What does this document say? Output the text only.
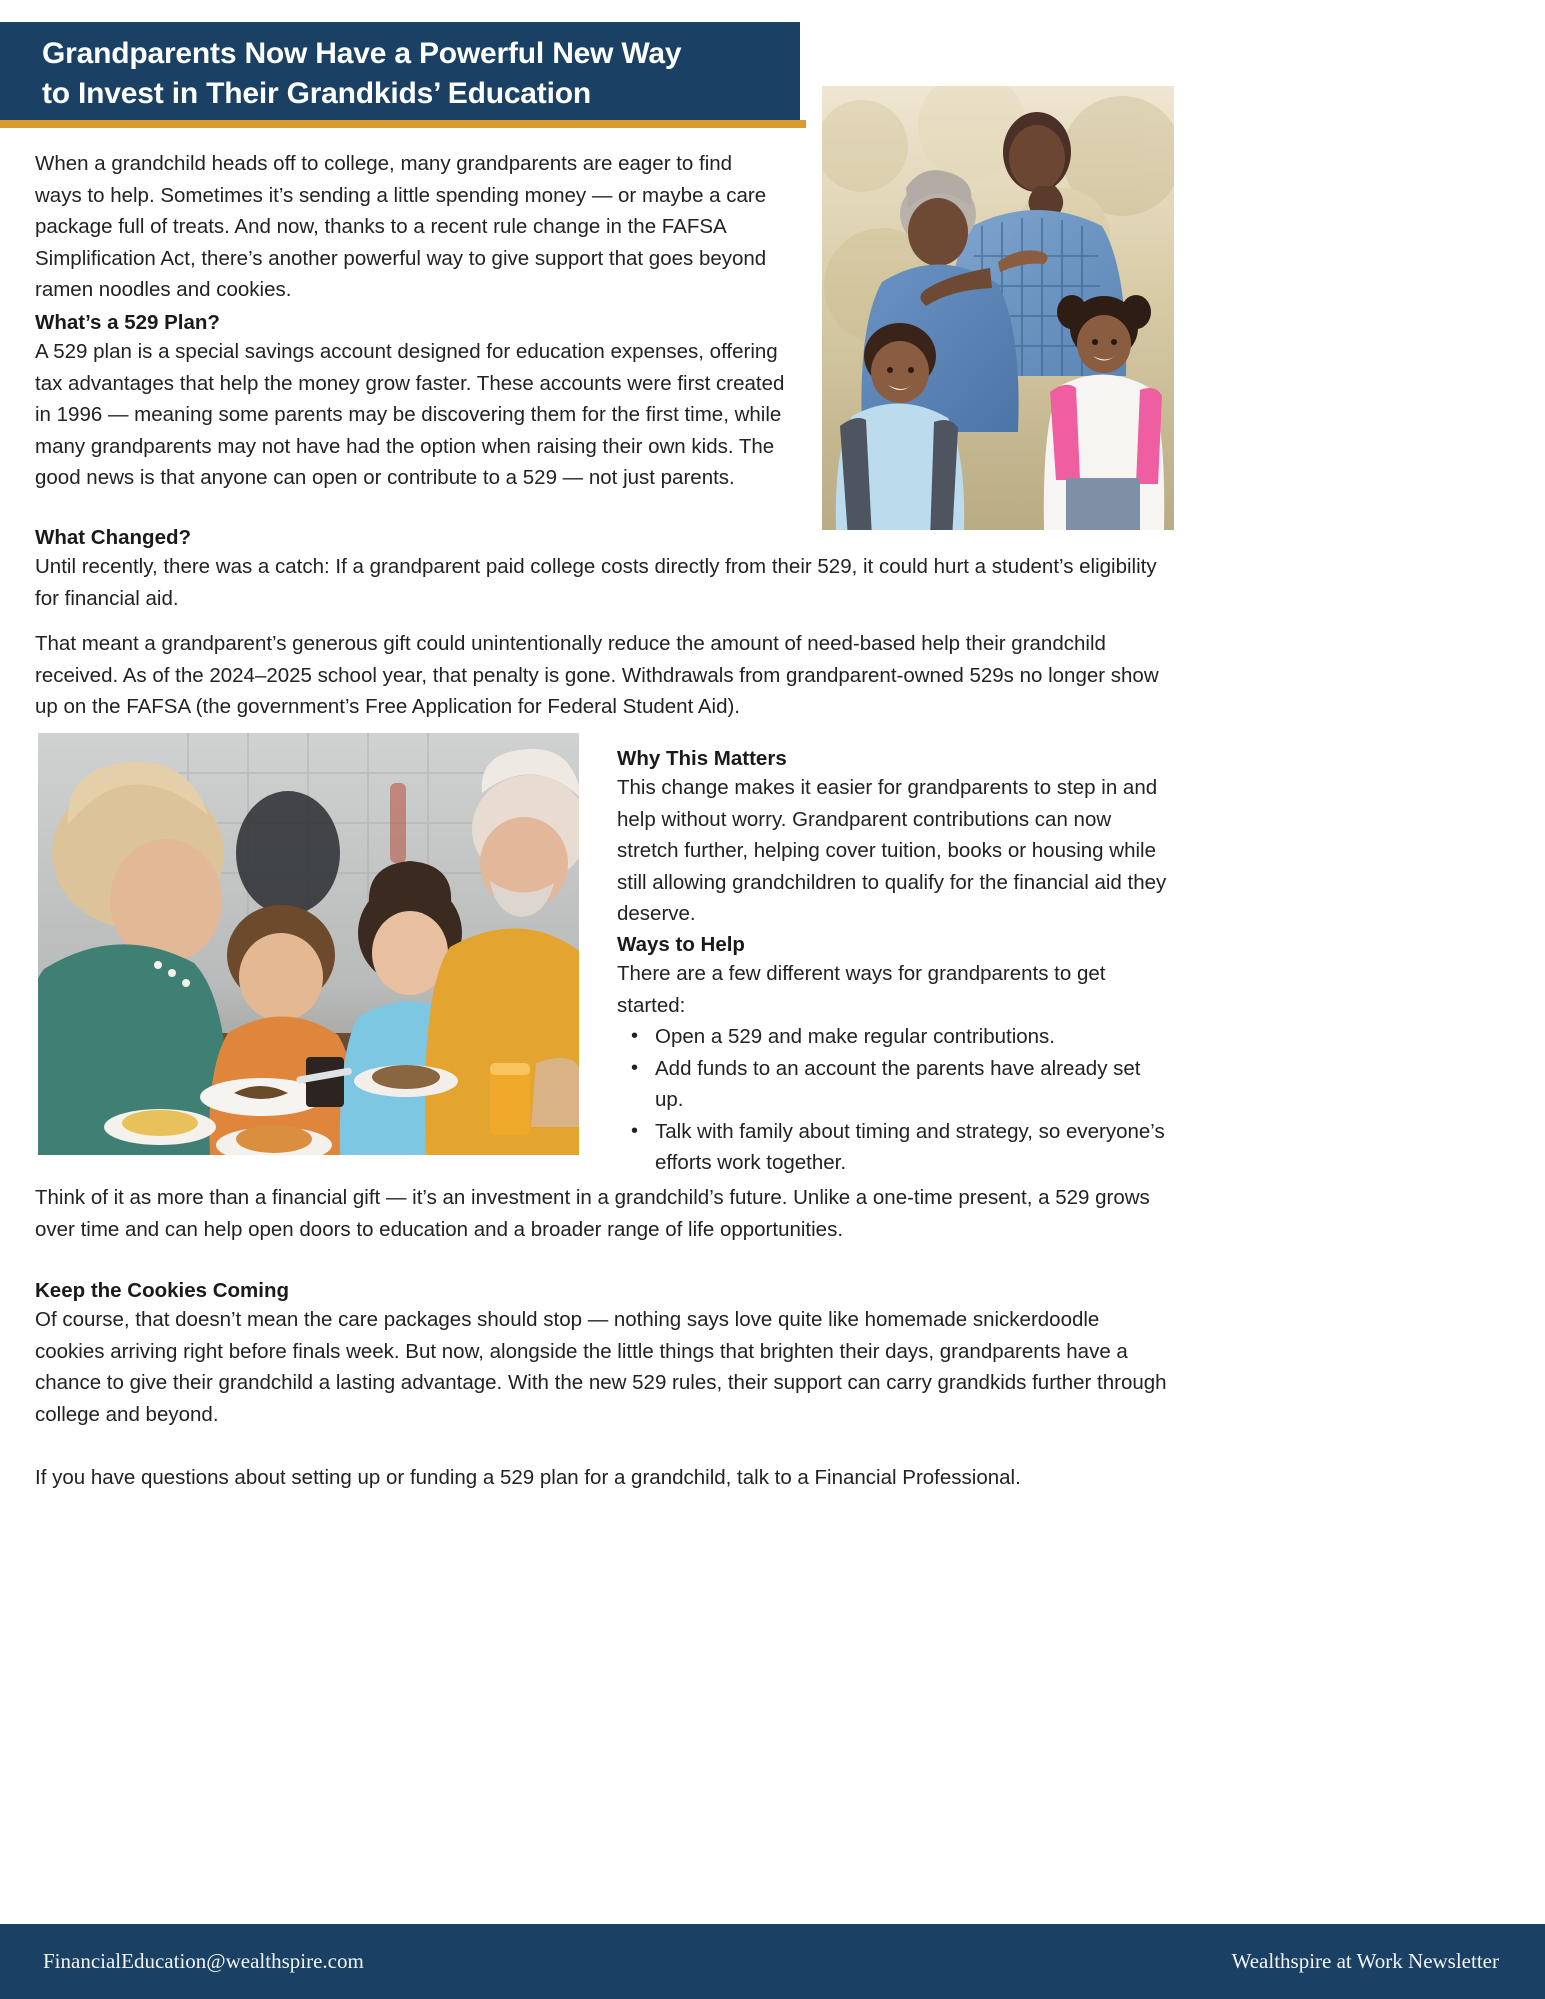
Grandparents Now Have a Powerful New Way
to Invest in Their Grandkids’ Education
When a grandchild heads off to college, many grandparents are eager to find ways to help. Sometimes it’s sending a little spending money — or maybe a care package full of treats. And now, thanks to a recent rule change in the FAFSA Simplification Act, there’s another powerful way to give support that goes beyond ramen noodles and cookies.
What’s a 529 Plan?
A 529 plan is a special savings account designed for education expenses, offering tax advantages that help the money grow faster. These accounts were first created in 1996 — meaning some parents may be discovering them for the first time, while many grandparents may not have had the option when raising their own kids. The good news is that anyone can open or contribute to a 529 — not just parents.
What Changed?
Until recently, there was a catch: If a grandparent paid college costs directly from their 529, it could hurt a student’s eligibility for financial aid.
That meant a grandparent’s generous gift could unintentionally reduce the amount of need-based help their grandchild received. As of the 2024–2025 school year, that penalty is gone. Withdrawals from grandparent-owned 529s no longer show up on the FAFSA (the government’s Free Application for Federal Student Aid).
Why This Matters
This change makes it easier for grandparents to step in and help without worry. Grandparent contributions can now stretch further, helping cover tuition, books or housing while still allowing grandchildren to qualify for the financial aid they deserve.
Ways to Help
There are a few different ways for grandparents to get started:
• Open a 529 and make regular contributions.
• Add funds to an account the parents have already set up.
• Talk with family about timing and strategy, so everyone’s efforts work together.
Think of it as more than a financial gift — it’s an investment in a grandchild’s future. Unlike a one-time present, a 529 grows over time and can help open doors to education and a broader range of life opportunities.
Keep the Cookies Coming
Of course, that doesn’t mean the care packages should stop — nothing says love quite like homemade snickerdoodle cookies arriving right before finals week. But now, alongside the little things that brighten their days, grandparents have a chance to give their grandchild a lasting advantage. With the new 529 rules, their support can carry grandkids further through college and beyond.
If you have questions about setting up or funding a 529 plan for a grandchild, talk to a Financial Professional.
FinancialEducation@wealthspire.com	Wealthspire at Work Newsletter
